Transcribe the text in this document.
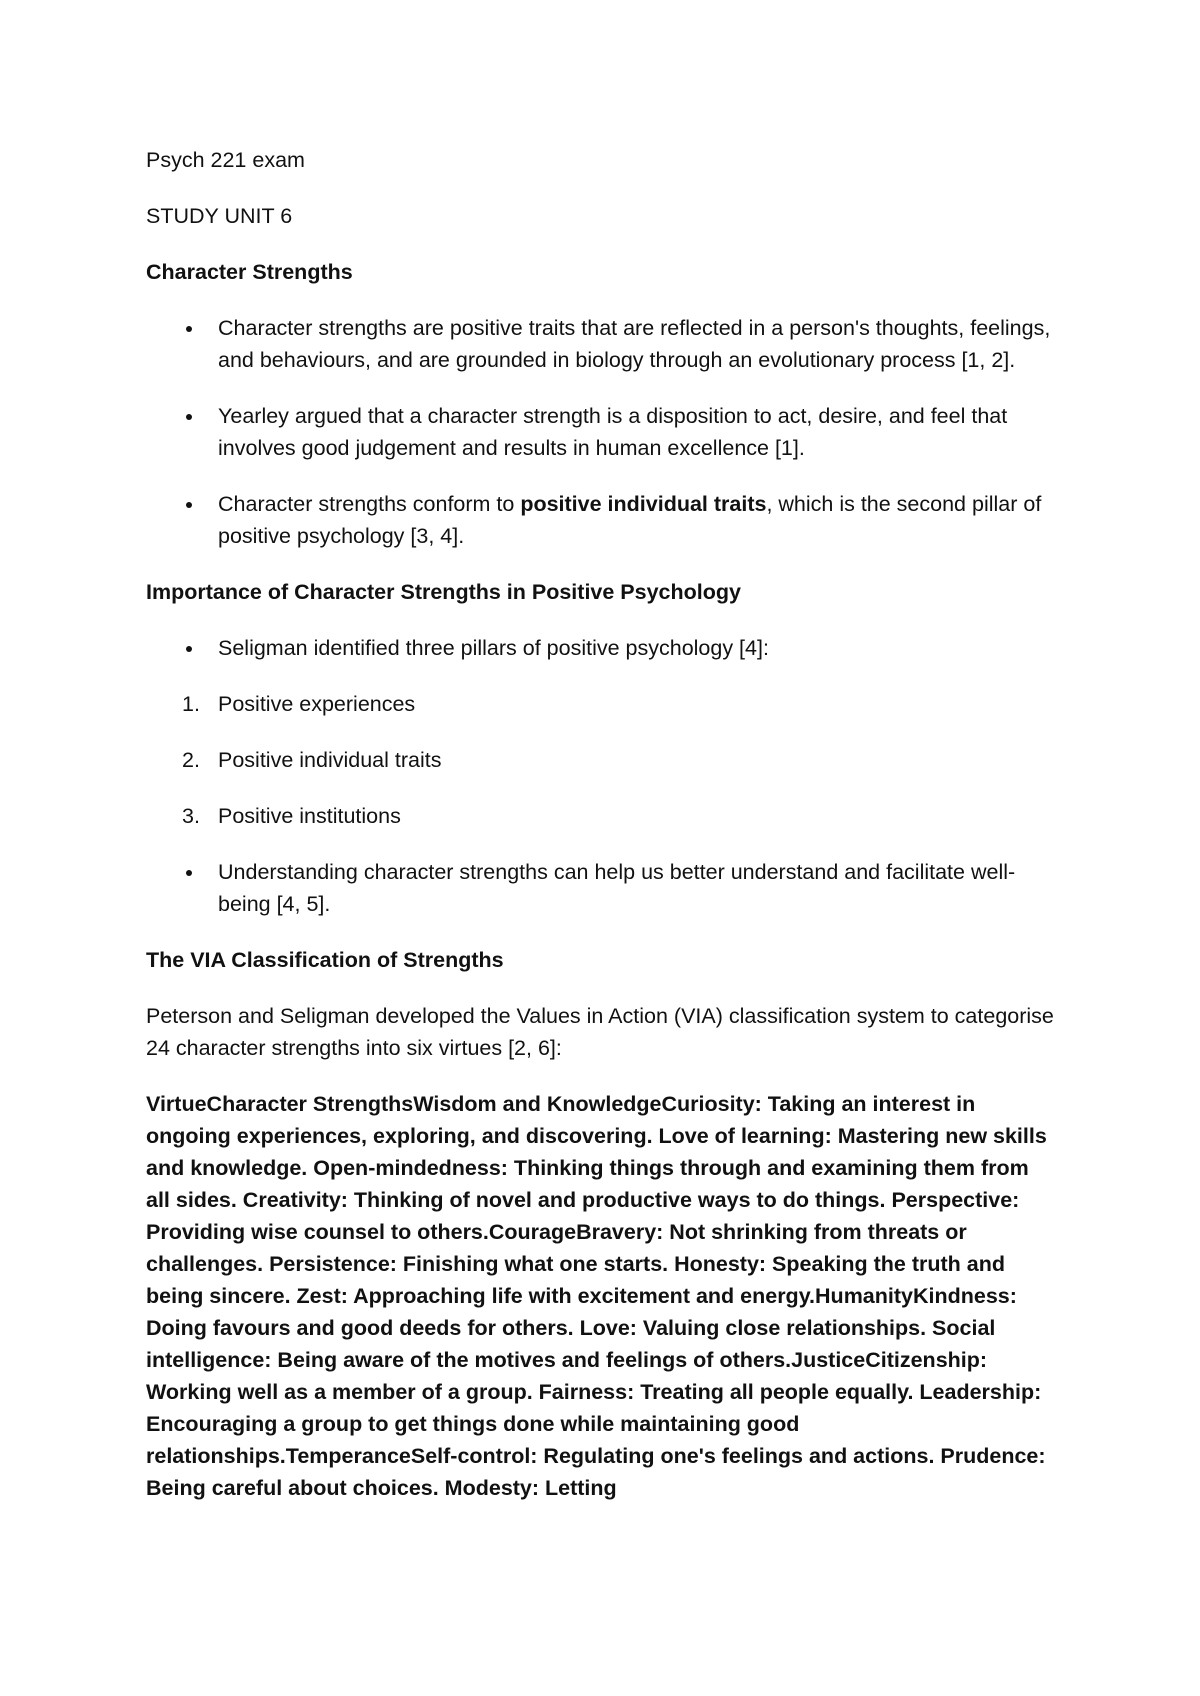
Psych 221 exam

STUDY UNIT 6

Character Strengths

Character strengths are positive traits that are reflected in a person's thoughts, feelings, and behaviours, and are grounded in biology through an evolutionary process [1, 2].
Yearley argued that a character strength is a disposition to act, desire, and feel that involves good judgement and results in human excellence [1].
Character strengths conform to positive individual traits, which is the second pillar of positive psychology [3, 4].

Importance of Character Strengths in Positive Psychology

Seligman identified three pillars of positive psychology [4]:
1. Positive experiences
2. Positive individual traits
3. Positive institutions
Understanding character strengths can help us better understand and facilitate well-being [4, 5].

The VIA Classification of Strengths

Peterson and Seligman developed the Values in Action (VIA) classification system to categorise 24 character strengths into six virtues [2, 6]:

VirtueCharacter StrengthsWisdom and KnowledgeCuriosity: Taking an interest in ongoing experiences, exploring, and discovering. Love of learning: Mastering new skills and knowledge. Open-mindedness: Thinking things through and examining them from all sides. Creativity: Thinking of novel and productive ways to do things. Perspective: Providing wise counsel to others.CourageBravery: Not shrinking from threats or challenges. Persistence: Finishing what one starts. Honesty: Speaking the truth and being sincere. Zest: Approaching life with excitement and energy.HumanityKindness: Doing favours and good deeds for others. Love: Valuing close relationships. Social intelligence: Being aware of the motives and feelings of others.JusticeCitizenship: Working well as a member of a group. Fairness: Treating all people equally. Leadership: Encouraging a group to get things done while maintaining good relationships.TemperanceSelf-control: Regulating one's feelings and actions. Prudence: Being careful about choices. Modesty: Letting
